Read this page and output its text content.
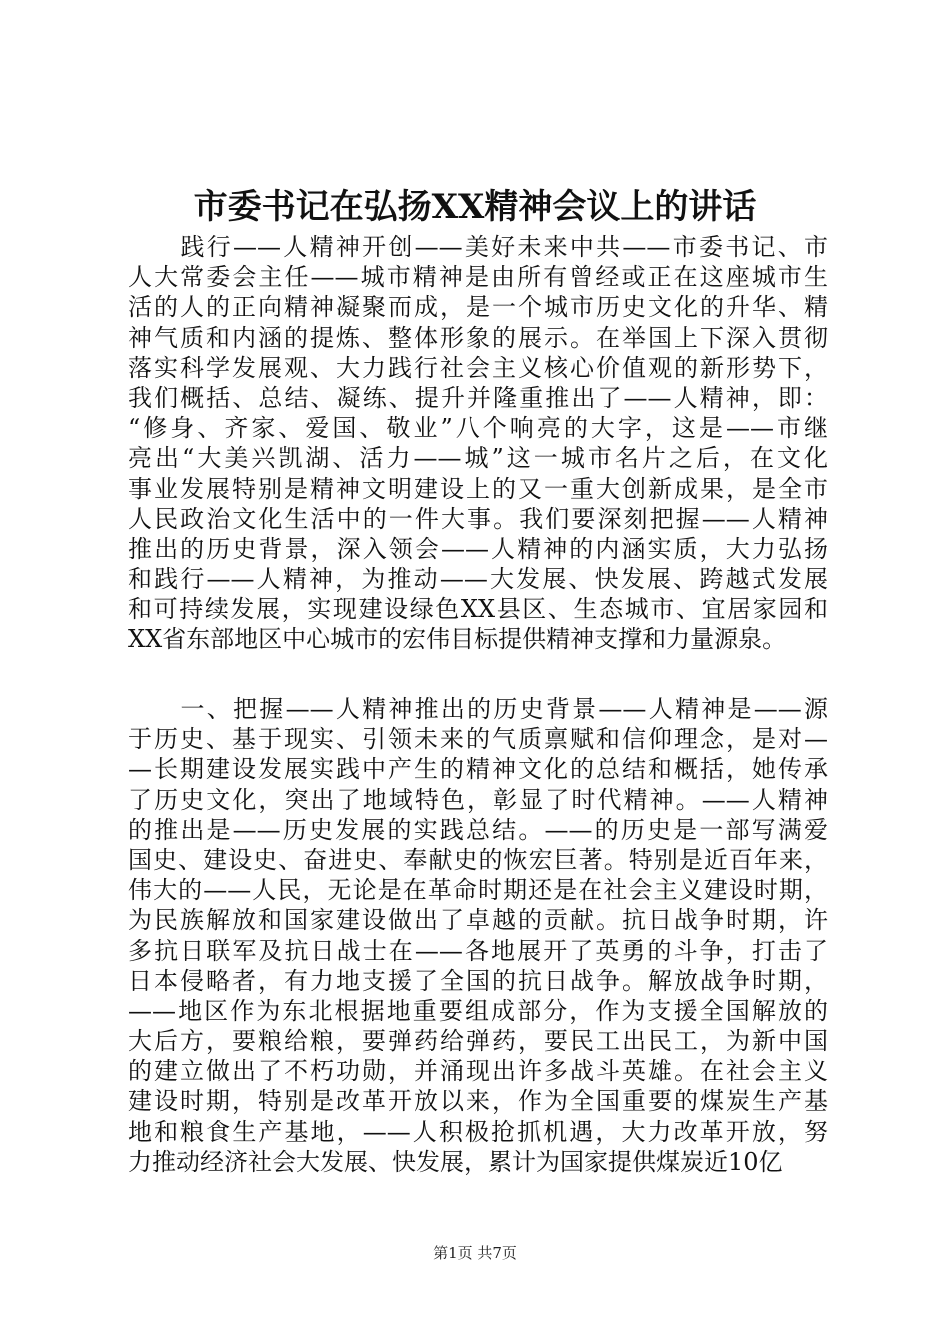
市委书记在弘扬XX精神会议上的讲话
　　践行——人精神开创——美好未来中共——市委书记、市
人大常委会主任——城市精神是由所有曾经或正在这座城市生
活的人的正向精神凝聚而成，是一个城市历史文化的升华、精
神气质和内涵的提炼、整体形象的展示。在举国上下深入贯彻
落实科学发展观、大力践行社会主义核心价值观的新形势下，
我们概括、总结、凝练、提升并隆重推出了——人精神，即：
“修身、齐家、爱国、敬业”八个响亮的大字，这是——市继
亮出“大美兴凯湖、活力——城”这一城市名片之后，在文化
事业发展特别是精神文明建设上的又一重大创新成果，是全市
人民政治文化生活中的一件大事。我们要深刻把握——人精神
推出的历史背景，深入领会——人精神的内涵实质，大力弘扬
和践行——人精神，为推动——大发展、快发展、跨越式发展
和可持续发展，实现建设绿色XX县区、生态城市、宜居家园和
XX省东部地区中心城市的宏伟目标提供精神支撑和力量源泉。
　　一、把握——人精神推出的历史背景——人精神是——源
于历史、基于现实、引领未来的气质禀赋和信仰理念，是对—
—长期建设发展实践中产生的精神文化的总结和概括，她传承
了历史文化，突出了地域特色，彰显了时代精神。——人精神
的推出是——历史发展的实践总结。——的历史是一部写满爱
国史、建设史、奋进史、奉献史的恢宏巨著。特别是近百年来，
伟大的——人民，无论是在革命时期还是在社会主义建设时期，
为民族解放和国家建设做出了卓越的贡献。抗日战争时期，许
多抗日联军及抗日战士在——各地展开了英勇的斗争，打击了
日本侵略者，有力地支援了全国的抗日战争。解放战争时期，
——地区作为东北根据地重要组成部分，作为支援全国解放的
大后方，要粮给粮，要弹药给弹药，要民工出民工，为新中国
的建立做出了不朽功勋，并涌现出许多战斗英雄。在社会主义
建设时期，特别是改革开放以来，作为全国重要的煤炭生产基
地和粮食生产基地，——人积极抢抓机遇，大力改革开放，努
力推动经济社会大发展、快发展，累计为国家提供煤炭近10亿
第1页 共7页
